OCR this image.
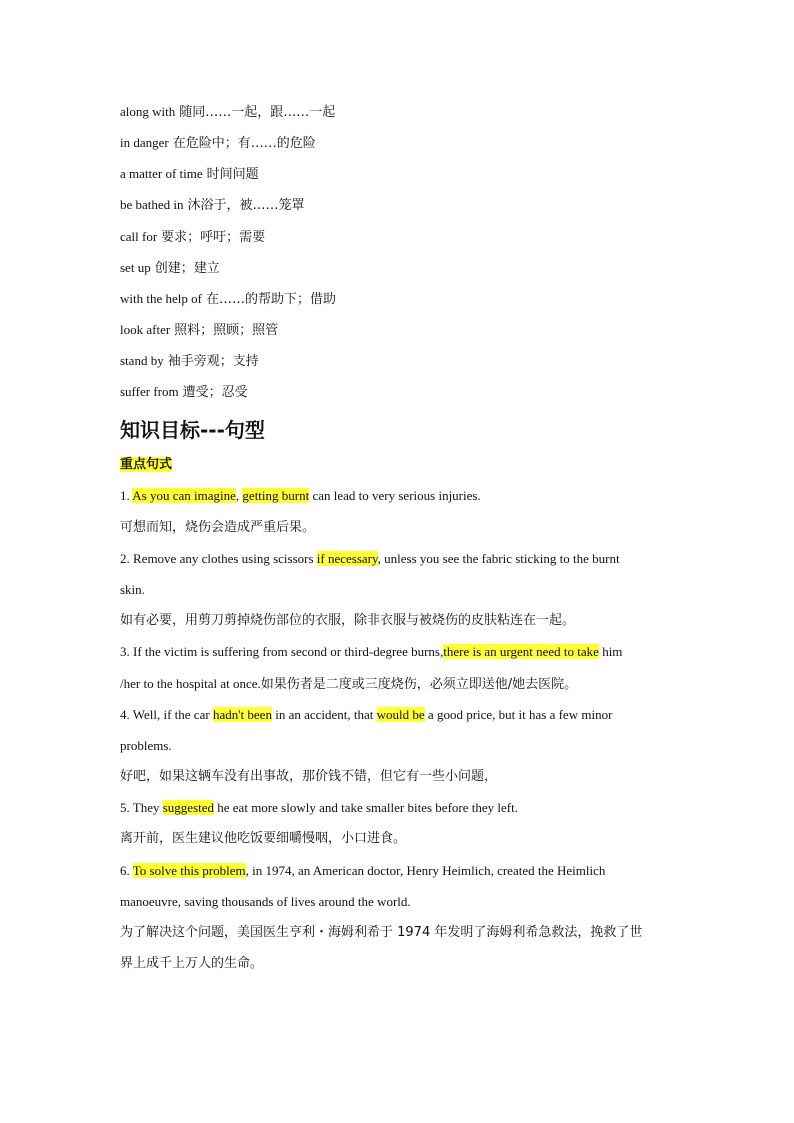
along with 随同……一起，跟……一起
in danger 在危险中；有……的危险
a matter of time 时间问题
be bathed in 沐浴于，被……笼罩
call for 要求；呼吁；需要
set up 创建；建立
with the help of 在……的帮助下；借助
look after 照料；照顾；照管
stand by 袖手旁观；支持
suffer from 遭受；忍受
知识目标---句型
重点句式
1. As you can imagine, getting burnt can lead to very serious injuries.
可想而知，烧伤会造成严重后果。
2. Remove any clothes using scissors if necessary, unless you see the fabric sticking to the burnt
skin.
如有必要，用剪刀剪掉烧伤部位的衣服，除非衣服与被烧伤的皮肤粘连在一起。
3. If the victim is suffering from second or third-degree burns,there is an urgent need to take him
/her to the hospital at once.如果伤者是二度或三度烧伤，必须立即送他/她去医院。
4. Well, if the car hadn't been in an accident, that would be a good price, but it has a few minor
problems.
好吧，如果这辆车没有出事故，那价钱不错，但它有一些小问题，
5. They suggested he eat more slowly and take smaller bites before they left.
离开前，医生建议他吃饭要细嚼慢咽，小口进食。
6. To solve this problem, in 1974, an American doctor, Henry Heimlich, created the Heimlich
manoeuvre, saving thousands of lives around the world.
为了解决这个问题，美国医生亨利・海姆利希于 1974 年发明了海姆利希急救法，挽救了世
界上成千上万人的生命。
